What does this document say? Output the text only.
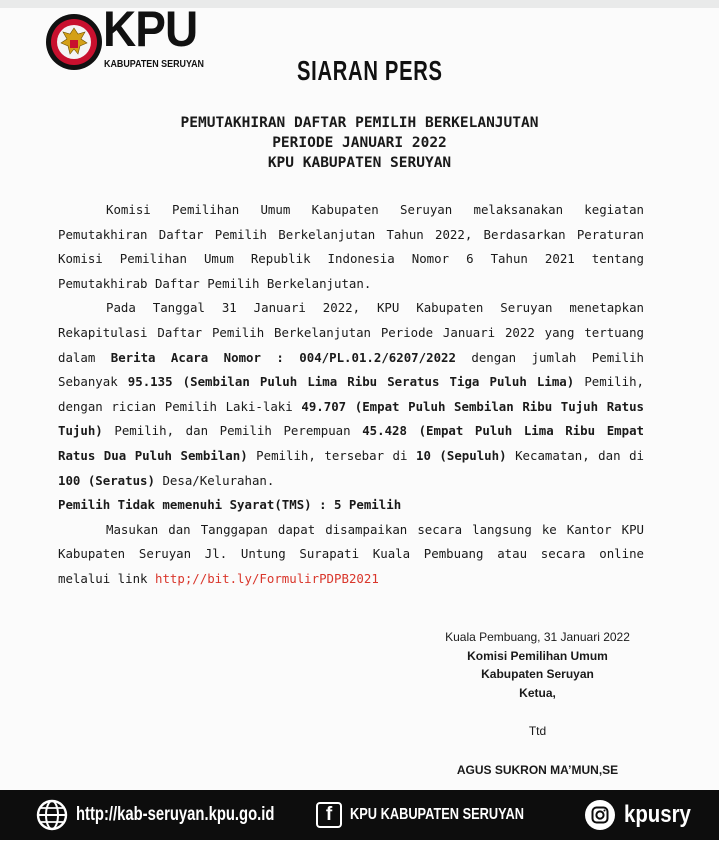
KPU
KABUPATEN SERUYAN	SIARAN PERS
PEMUTAKHIRAN DAFTAR PEMILIH BERKELANJUTAN
PERIODE JANUARI 2022
KPU KABUPATEN SERUYAN

Komisi Pemilihan Umum Kabupaten Seruyan melaksanakan kegiatan Pemutakhiran Daftar Pemilih Berkelanjutan Tahun 2022, Berdasarkan Peraturan Komisi Pemilihan Umum Republik Indonesia Nomor 6 Tahun 2021 tentang Pemutakhirab Daftar Pemilih Berkelanjutan.

Pada Tanggal 31 Januari 2022, KPU Kabupaten Seruyan menetapkan Rekapitulasi Daftar Pemilih Berkelanjutan Periode Januari 2022 yang tertuang dalam Berita Acara Nomor : 004/PL.01.2/6207/2022 dengan jumlah Pemilih Sebanyak 95.135 (Sembilan Puluh Lima Ribu Seratus Tiga Puluh Lima) Pemilih, dengan rician Pemilih Laki-laki 49.707 (Empat Puluh Sembilan Ribu Tujuh Ratus Tujuh) Pemilih, dan Pemilih Perempuan 45.428 (Empat Puluh Lima Ribu Empat Ratus Dua Puluh Sembilan) Pemilih, tersebar di 10 (Sepuluh) Kecamatan, dan di 100 (Seratus) Desa/Kelurahan.

Pemilih Tidak memenuhi Syarat(TMS) : 5 Pemilih

Masukan dan Tanggapan dapat disampaikan secara langsung ke Kantor KPU Kabupaten Seruyan Jl. Untung Surapati Kuala Pembuang atau secara online melalui link http;//bit.ly/FormulirPDPB2021

Kuala Pembuang, 31 Januari 2022
Komisi Pemilihan Umum
Kabupaten Seruyan
Ketua,
Ttd
AGUS SUKRON MA’MUN,SE
http://kab-seruyan.kpu.go.id	f	KPU KABUPATEN SERUYAN	kpusry
